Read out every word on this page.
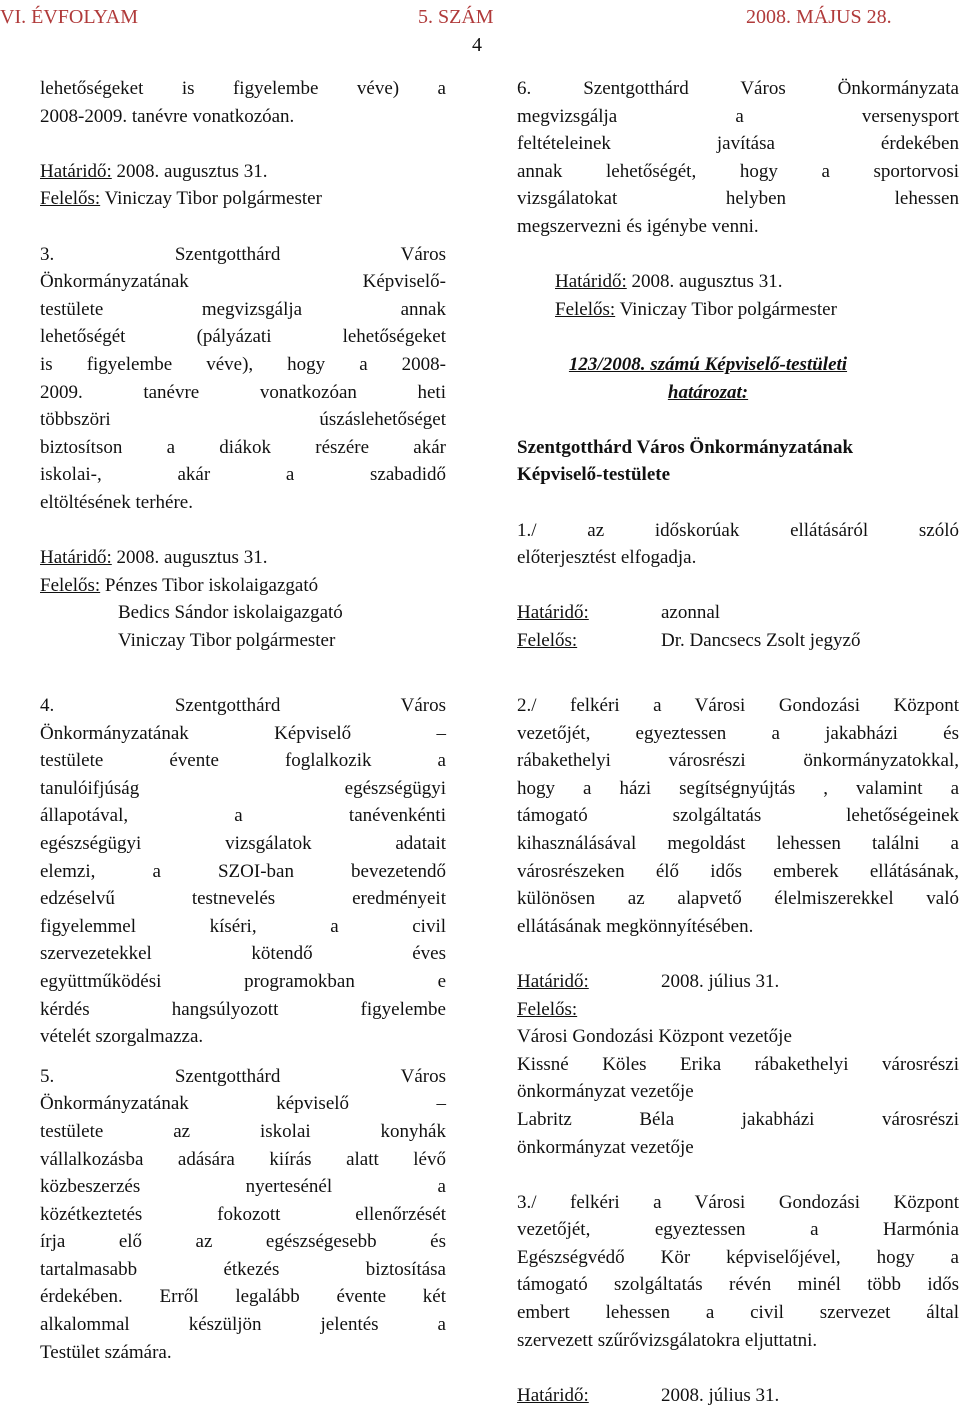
VI. ÉVFOLYAM	5. SZÁM	2008. MÁJUS 28.
4

lehetőségeket is figyelembe véve) a

2008-2009. tanévre vonatkozóan.

Határidő: 2008. augusztus 31.

Felelős: Viniczay Tibor polgármester

3. Szentgotthárd Város

Önkormányzatának Képviselő-

testülete megvizsgálja annak

lehetőségét (pályázati lehetőségeket

is figyelembe véve), hogy a 2008-

2009. tanévre vonatkozóan heti

többszöri úszáslehetőséget

biztosítson a diákok részére akár

iskolai-, akár a szabadidő

eltöltésének terhére.

Határidő: 2008. augusztus 31.

Felelős: Pénzes Tibor iskolaigazgató

Bedics Sándor iskolaigazgató

Viniczay Tibor polgármester

4. Szentgotthárd Város

Önkormányzatának Képviselő –

testülete évente foglalkozik a

tanulóifjúság egészségügyi

állapotával, a tanévenkénti

egészségügyi vizsgálatok adatait

elemzi, a SZOI-ban bevezetendő

edzéselvű testnevelés eredményeit

figyelemmel kíséri, a civil

szervezetekkel kötendő éves

együttműködési programokban e

kérdés hangsúlyozott figyelembe

vételét szorgalmazza.

5. Szentgotthárd Város

Önkormányzatának képviselő –

testülete az iskolai konyhák

vállalkozásba adására kiírás alatt lévő

közbeszerzés nyertesénél a

közétkeztetés fokozott ellenőrzését

írja elő az egészségesebb és

tartalmasabb étkezés biztosítása

érdekében. Erről legalább évente két

alkalommal készüljön jelentés a

Testület számára.

6. Szentgotthárd Város Önkormányzata

megvizsgálja a versenysport

feltételeinek javítása érdekében

annak lehetőségét, hogy a sportorvosi

vizsgálatokat helyben lehessen

megszervezni és igénybe venni.

Határidő: 2008. augusztus 31.

Felelős: Viniczay Tibor polgármester

123/2008. számú Képviselő-testületi

határozat:

Szentgotthárd Város Önkormányzatának

Képviselő-testülete

1./ az időskorúak ellátásáról szóló

előterjesztést elfogadja.

Határidő:	azonnal
Felelős:	Dr. Dancsecs Zsolt jegyző

2./ felkéri a Városi Gondozási Központ

vezetőjét, egyeztessen a jakabházi és

rábakethelyi városrészi önkormányzatokkal,

hogy a házi segítségnyújtás , valamint a

támogató szolgáltatás lehetőségeinek

kihasználásával megoldást lehessen találni a

városrészeken élő idős emberek ellátásának,

különösen az alapvető élelmiszerekkel való

ellátásának megkönnyítésében.

Határidő:	2008. július 31.

Felelős:

Városi Gondozási Központ vezetője

Kissné Köles Erika rábakethelyi városrészi

önkormányzat vezetője

Labritz Béla jakabházi városrészi

önkormányzat vezetője

3./ felkéri a Városi Gondozási Központ

vezetőjét, egyeztessen a Harmónia

Egészségvédő Kör képviselőjével, hogy a

támogató szolgáltatás révén minél több idős

embert lehessen a civil szervezet által

szervezett szűrővizsgálatokra eljuttatni.

Határidő:	2008. július 31.
